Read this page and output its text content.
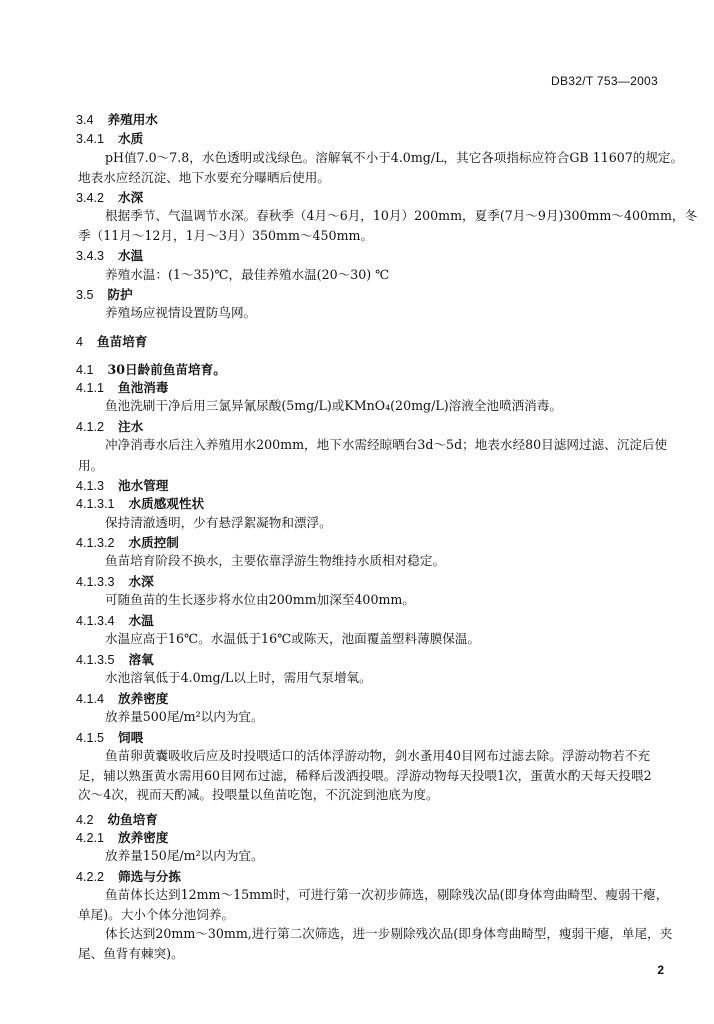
DB32/T 753—2003
3.4 养殖用水
3.4.1 水质
pH值7.0～7.8，水色透明或浅绿色。溶解氧不小于4.0mg/L，其它各项指标应符合GB 11607的规定。
地表水应经沉淀、地下水要充分曝晒后使用。
3.4.2 水深
根据季节、气温调节水深。春秋季（4月～6月，10月）200mm，夏季(7月～9月)300mm～400mm，冬
季（11月～12月，1月～3月）350mm～450mm。
3.4.3 水温
养殖水温：(1～35)℃，最佳养殖水温(20～30) ℃
3.5 防护
养殖场应视情设置防鸟网。
4 鱼苗培育
4.1 30日龄前鱼苗培育。
4.1.1 鱼池消毒
鱼池洗刷干净后用三氯异氰尿酸(5mg/L)或KMnO₄(20mg/L)溶液全池喷洒消毒。
4.1.2 注水
冲净消毒水后注入养殖用水200mm，地下水需经晾晒台3d～5d；地表水经80目滤网过滤、沉淀后使
用。
4.1.3 池水管理
4.1.3.1 水质感观性状
保持清澈透明，少有悬浮絮凝物和漂浮。
4.1.3.2 水质控制
鱼苗培育阶段不换水，主要依靠浮游生物维持水质相对稳定。
4.1.3.3 水深
可随鱼苗的生长逐步将水位由200mm加深至400mm。
4.1.3.4 水温
水温应高于16℃。水温低于16℃或陈天，池面覆盖塑料薄膜保温。
4.1.3.5 溶氧
水池溶氧低于4.0mg/L以上时，需用气泵增氧。
4.1.4 放养密度
放养量500尾/m²以内为宜。
4.1.5 饲喂
鱼苗卵黄囊吸收后应及时投喂适口的活体浮游动物，剑水蚤用40目网布过滤去除。浮游动物若不充
足，辅以熟蛋黄水需用60目网布过滤，稀释后泼洒投喂。浮游动物每天投喂1次，蛋黄水酌天每天投喂2
次～4次，视而天酌减。投喂量以鱼苗吃饱，不沉淀到池底为度。
4.2 幼鱼培育
4.2.1 放养密度
放养量150尾/m²以内为宜。
4.2.2 筛选与分拣
鱼苗体长达到12mm～15mm时，可进行第一次初步筛选，剔除残次品(即身体弯曲畸型、瘦弱干瘪，
单尾)。大小个体分池饲养。
体长达到20mm～30mm,进行第二次筛选，进一步剔除残次品(即身体弯曲畸型，瘦弱干瘪，单尾，夹
尾、鱼背有棘突)。
2
